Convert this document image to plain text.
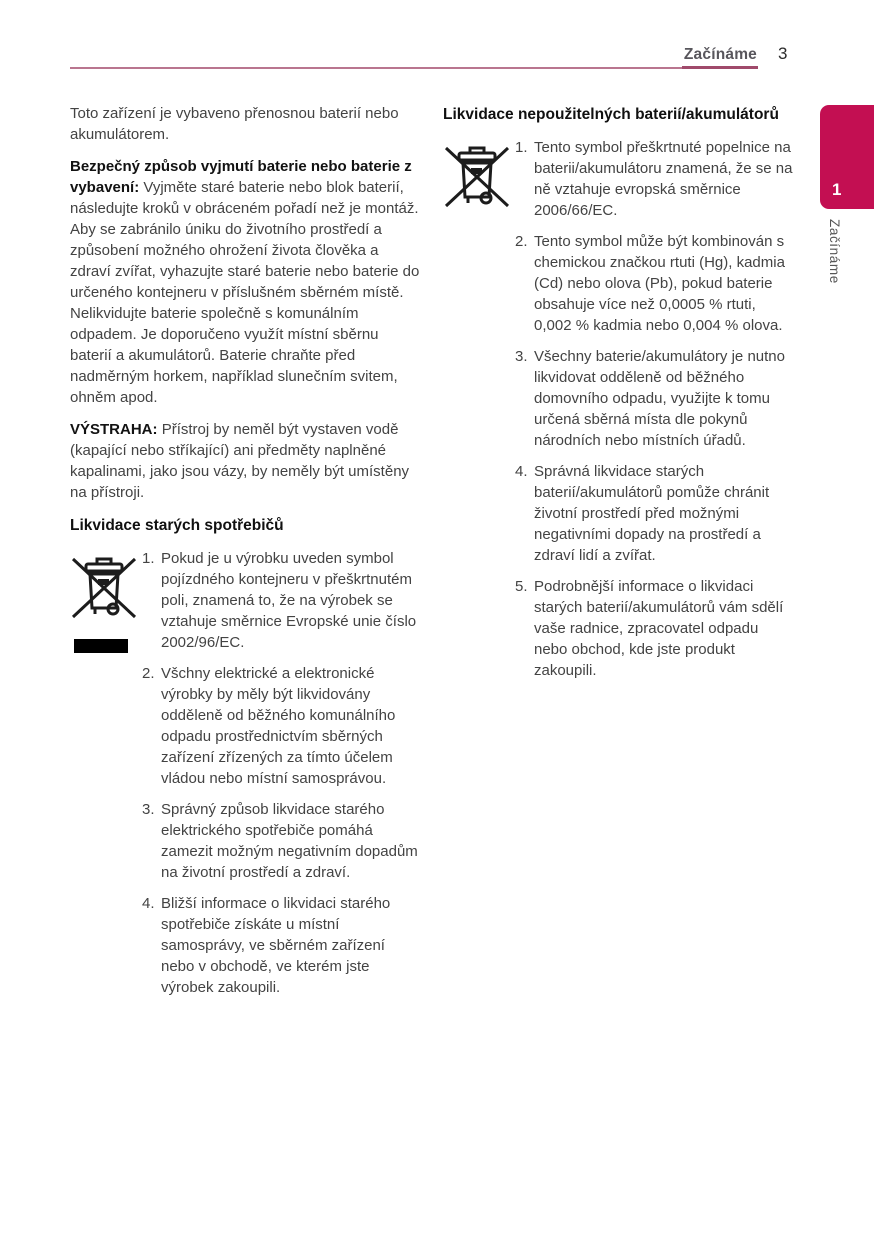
Začínáme 3
1
Začínáme

Toto zařízení je vybaveno přenosnou baterií nebo akumulátorem.

Bezpečný způsob vyjmutí baterie nebo baterie z vybavení: Vyjměte staré baterie nebo blok baterií, následujte kroků v obráceném pořadí než je montáž. Aby se zabránilo úniku do životního prostředí a způsobení možného ohrožení života člověka a zdraví zvířat, vyhazujte staré baterie nebo baterie do určeného kontejneru v příslušném sběrném místě. Nelikvidujte baterie společně s komunálním odpadem. Je doporučeno využít místní sběrnu baterií a akumulátorů. Baterie chraňte před nadměrným horkem, například slunečním svitem, ohněm apod.

VÝSTRAHA: Přístroj by neměl být vystaven vodě (kapající nebo stříkající) ani předměty naplněné kapalinami, jako jsou vázy, by neměly být umístěny na přístroji.

Likvidace starých spotřebičů
1. Pokud je u výrobku uveden symbol pojízdného kontejneru v přeškrtnutém poli, znamená to, že na výrobek se vztahuje směrnice Evropské unie číslo 2002/96/EC.
2. Všchny elektrické a elektronické výrobky by měly být likvidovány odděleně od běžného komunálního odpadu prostřednictvím sběrných zařízení zřízených za tímto účelem vládou nebo místní samosprávou.
3. Správný způsob likvidace starého elektrického spotřebiče pomáhá zamezit možným negativním dopadům na životní prostředí a zdraví.
4. Bližší informace o likvidaci starého spotřebiče získáte u místní samosprávy, ve sběrném zařízení nebo v obchodě, ve kterém jste výrobek zakoupili.
Likvidace nepoužitelných baterií/akumulátorů
1. Tento symbol přeškrtnuté popelnice na baterii/akumulátoru znamená, že se na ně vztahuje evropská směrnice 2006/66/EC.
2. Tento symbol může být kombinován s chemickou značkou rtuti (Hg), kadmia (Cd) nebo olova (Pb), pokud baterie obsahuje více než 0,0005 % rtuti, 0,002 % kadmia nebo 0,004 % olova.
3. Všechny baterie/akumulátory je nutno likvidovat odděleně od běžného domovního odpadu, využijte k tomu určená sběrná místa dle pokynů národních nebo místních úřadů.
4. Správná likvidace starých baterií/akumulátorů pomůže chránit životní prostředí před možnými negativními dopady na prostředí a zdraví lidí a zvířat.
5. Podrobnější informace o likvidaci starých baterií/akumulátorů vám sdělí vaše radnice, zpracovatel odpadu nebo obchod, kde jste produkt zakoupili.
